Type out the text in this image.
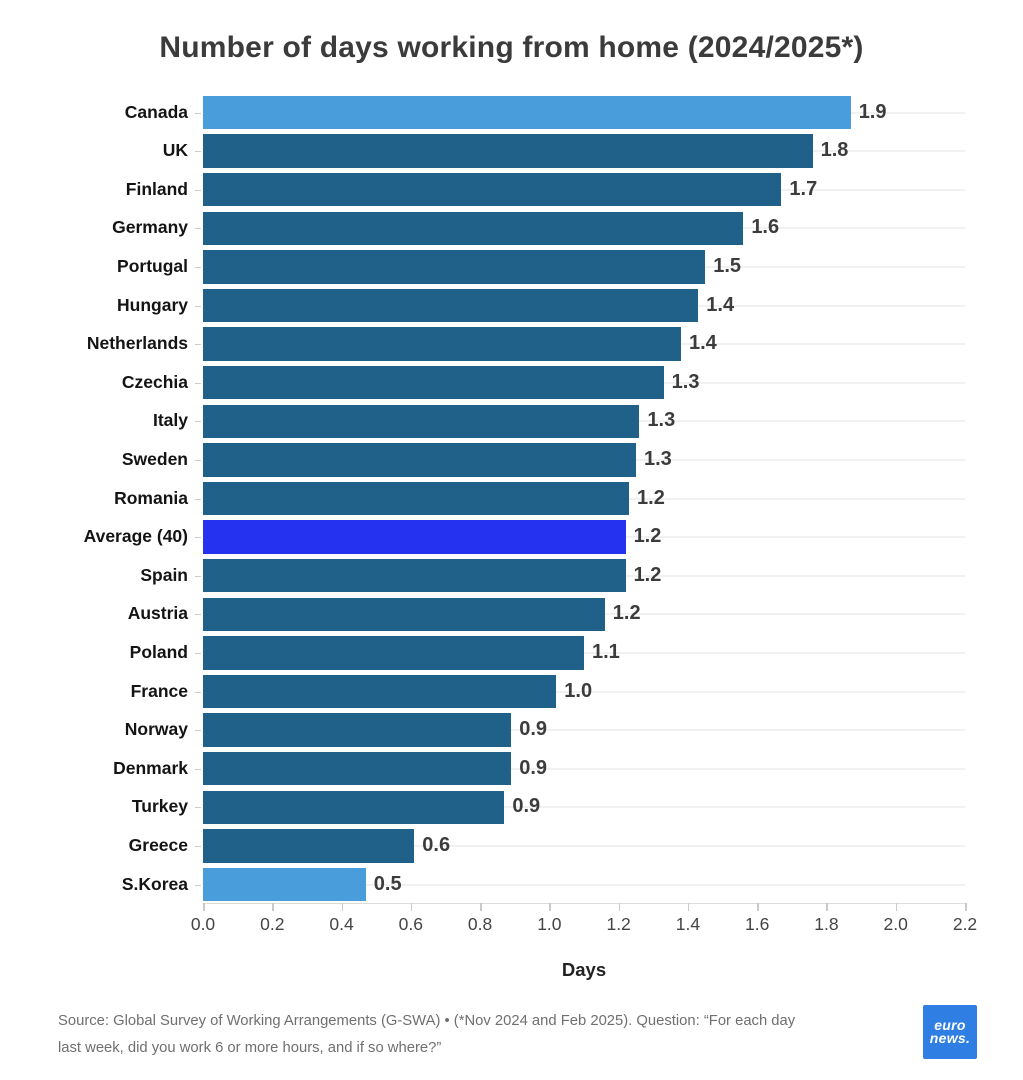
Number of days working from home (2024/2025*)
Canada	1.9
UK	1.8
Finland	1.7
Germany	1.6
Portugal	1.5
Hungary	1.4
Netherlands	1.4
Czechia	1.3
Italy	1.3
Sweden	1.3
Romania	1.2
Average (40)	1.2
Spain	1.2
Austria	1.2
Poland	1.1
France	1.0
Norway	0.9
Denmark	0.9
Turkey	0.9
Greece	0.6
S.Korea	0.5
0.0	0.2	0.4	0.6	0.8	1.0	1.2	1.4	1.6	1.8	2.0	2.2
Days
Source: Global Survey of Working Arrangements (G-SWA) • (*Nov 2024 and Feb 2025). Question: “For each day
last week, did you work 6 or more hours, and if so where?”
euro
news.
